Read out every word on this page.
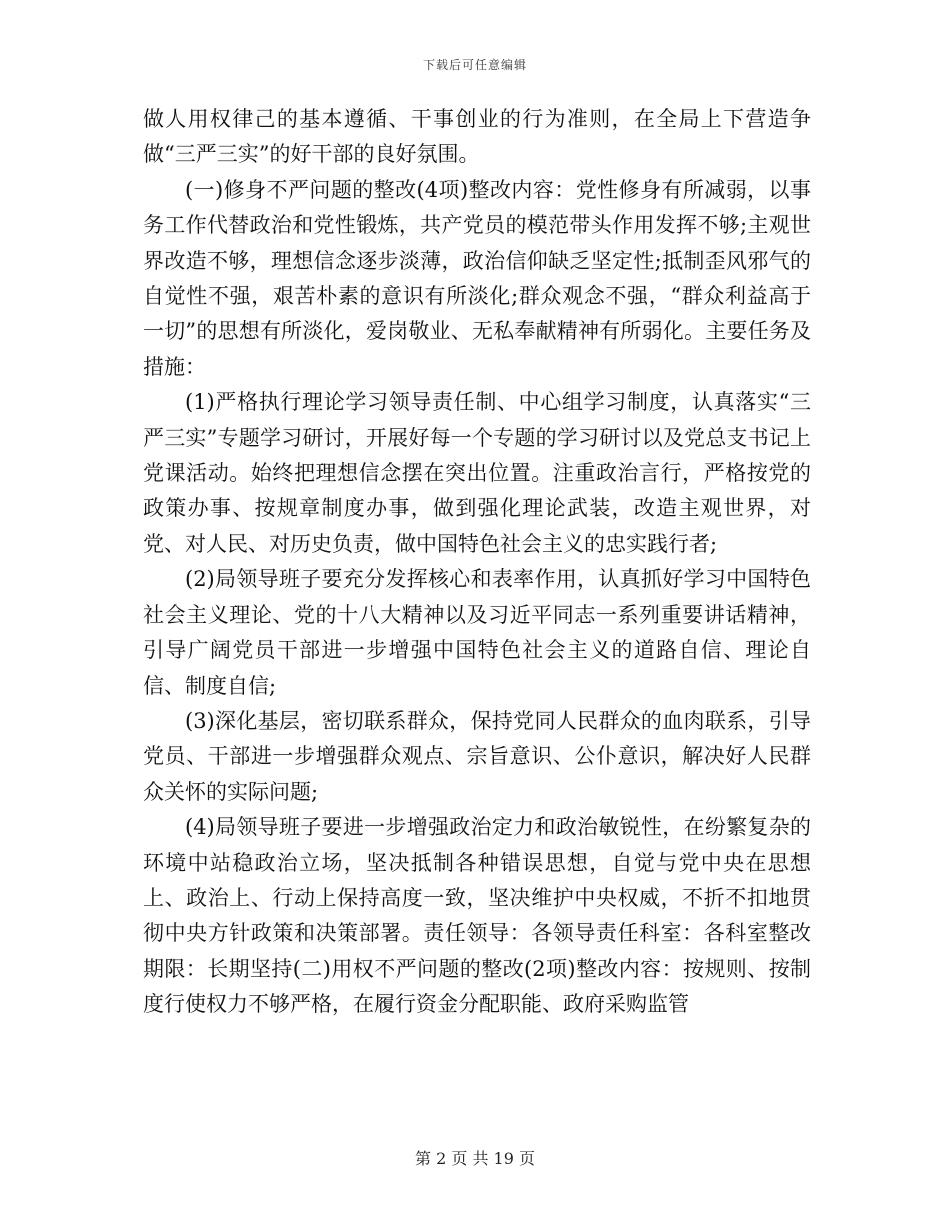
下载后可任意编辑

做人用权律己的基本遵循、干事创业的行为准则，在全局上下营造争做“三严三实”的好干部的良好氛围。

(一)修身不严问题的整改(4项)整改内容：党性修身有所减弱，以事务工作代替政治和党性锻炼，共产党员的模范带头作用发挥不够;主观世界改造不够，理想信念逐步淡薄，政治信仰缺乏坚定性;抵制歪风邪气的自觉性不强，艰苦朴素的意识有所淡化;群众观念不强，“群众利益高于一切”的思想有所淡化，爱岗敬业、无私奉献精神有所弱化。主要任务及措施：

(1)严格执行理论学习领导责任制、中心组学习制度，认真落实“三严三实”专题学习研讨，开展好每一个专题的学习研讨以及党总支书记上党课活动。始终把理想信念摆在突出位置。注重政治言行，严格按党的政策办事、按规章制度办事，做到强化理论武装，改造主观世界，对党、对人民、对历史负责，做中国特色社会主义的忠实践行者;

(2)局领导班子要充分发挥核心和表率作用，认真抓好学习中国特色社会主义理论、党的十八大精神以及习近平同志一系列重要讲话精神，引导广阔党员干部进一步增强中国特色社会主义的道路自信、理论自信、制度自信;

(3)深化基层，密切联系群众，保持党同人民群众的血肉联系，引导党员、干部进一步增强群众观点、宗旨意识、公仆意识，解决好人民群众关怀的实际问题;

(4)局领导班子要进一步增强政治定力和政治敏锐性，在纷繁复杂的环境中站稳政治立场，坚决抵制各种错误思想，自觉与党中央在思想上、政治上、行动上保持高度一致，坚决维护中央权威，不折不扣地贯彻中央方针政策和决策部署。责任领导：各领导责任科室：各科室整改期限：长期坚持(二)用权不严问题的整改(2项)整改内容：按规则、按制度行使权力不够严格，在履行资金分配职能、政府采购监管

第 2 页 共 19 页
